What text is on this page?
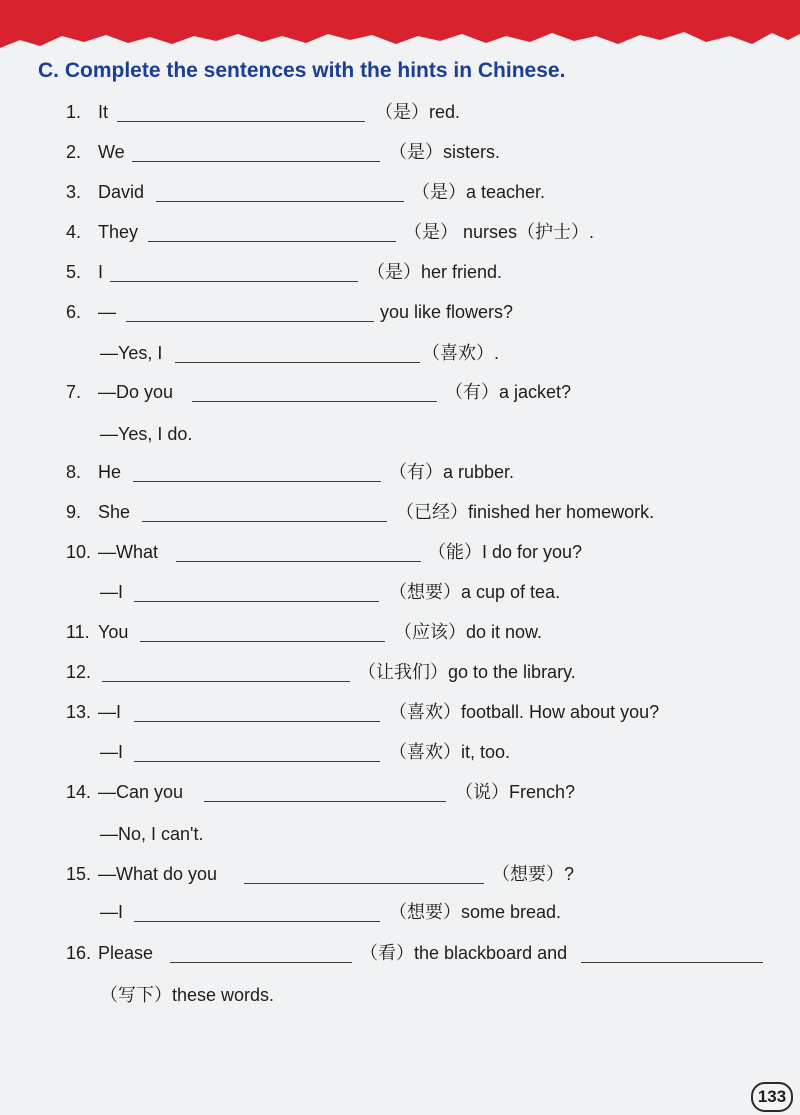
C. Complete the sentences with the hints in Chinese.
1. It	（是）red.
2. We	（是）sisters.
3. David	（是）a teacher.
4. They	（是） nurses（护士）.
5. I	（是）her friend.
6. —	you like flowers?
—Yes, I	（喜欢）.
7. —Do you	（有）a jacket?
—Yes, I do.
8. He	（有）a rubber.
9. She	（已经）finished her homework.
10. —What	（能）I do for you?
—I	（想要）a cup of tea.
11. You	（应该）do it now.
12.	（让我们）go to the library.
13. —I	（喜欢）football. How about you?
—I	（喜欢）it, too.
14. —Can you	（说）French?
—No, I can't.
15. —What do you	（想要）?
—I	（想要）some bread.
16. Please	（看）the blackboard and
（写下）these words.
133
